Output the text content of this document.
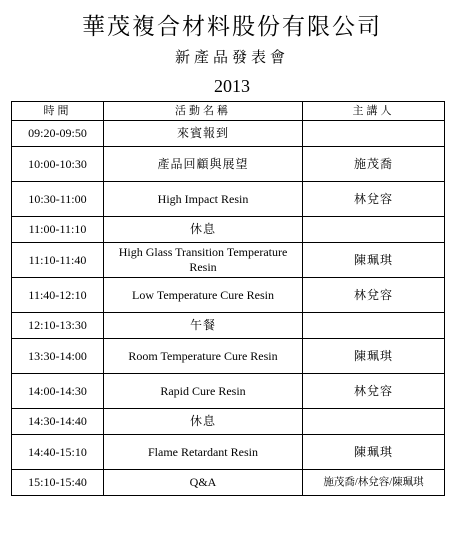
華茂複合材料股份有限公司
新產品發表會
2013
時間	活動名稱	主講人
09:20-09:50	來賓報到	
10:00-10:30	產品回顧與展望	施茂喬
10:30-11:00	High Impact Resin	林兌容
11:00-11:10	休息	
11:10-11:40	High Glass Transition Temperature Resin	陳珮琪
11:40-12:10	Low Temperature Cure Resin	林兌容
12:10-13:30	午餐	
13:30-14:00	Room Temperature Cure Resin	陳珮琪
14:00-14:30	Rapid Cure Resin	林兌容
14:30-14:40	休息	
14:40-15:10	Flame Retardant Resin	陳珮琪
15:10-15:40	Q&A	施茂喬/林兌容/陳珮琪
